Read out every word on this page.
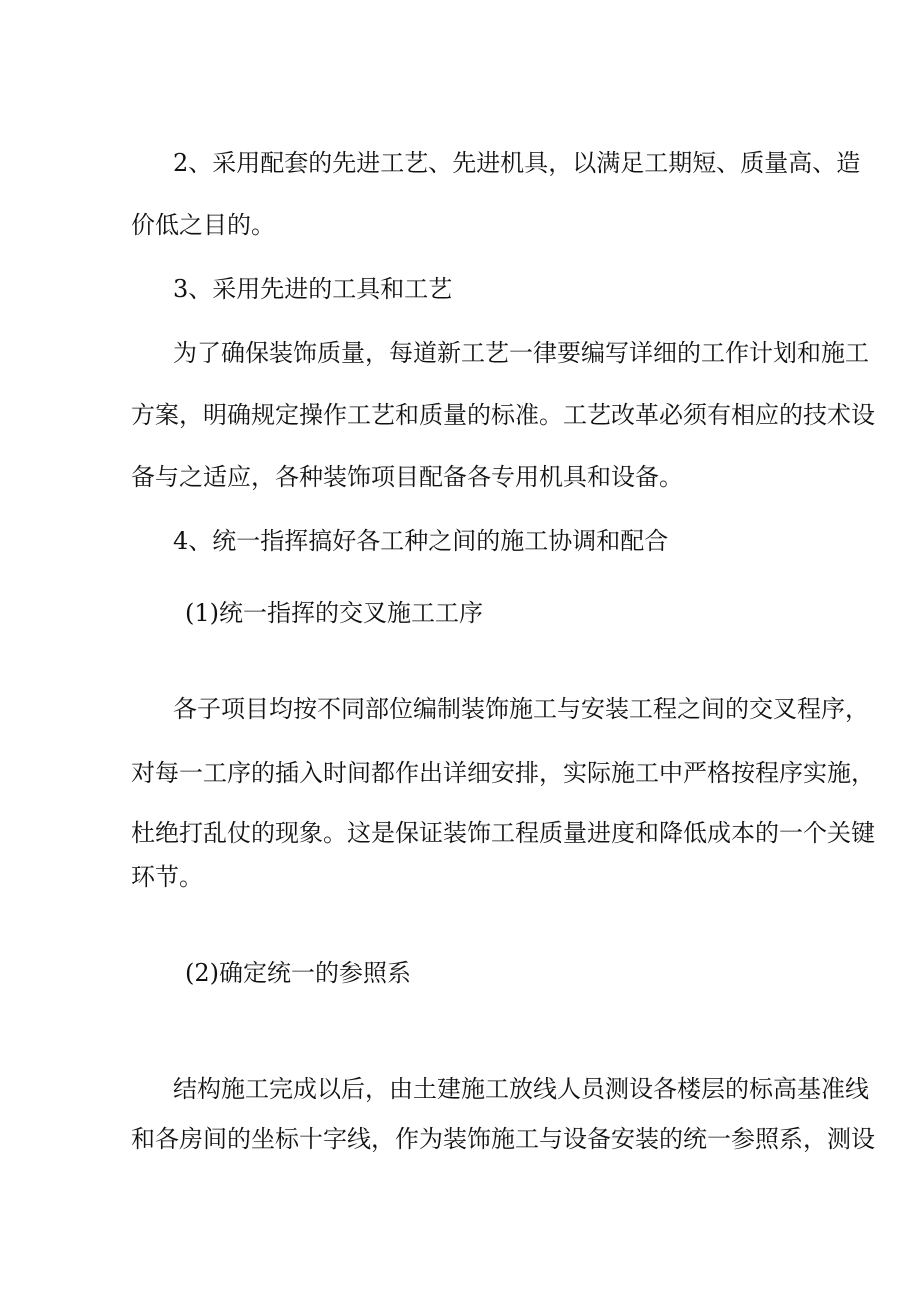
2、采用配套的先进工艺、先进机具，以满足工期短、质量高、造
价低之目的。
3、采用先进的工具和工艺
为了确保装饰质量，每道新工艺一律要编写详细的工作计划和施工
方案，明确规定操作工艺和质量的标准。工艺改革必须有相应的技术设
备与之适应，各种装饰项目配备各专用机具和设备。
4、统一指挥搞好各工种之间的施工协调和配合
(1)统一指挥的交叉施工工序
各子项目均按不同部位编制装饰施工与安装工程之间的交叉程序，
对每一工序的插入时间都作出详细安排，实际施工中严格按程序实施，
杜绝打乱仗的现象。这是保证装饰工程质量进度和降低成本的一个关键
环节。
(2)确定统一的参照系
结构施工完成以后，由土建施工放线人员测设各楼层的标高基准线
和各房间的坐标十字线，作为装饰施工与设备安装的统一参照系，测设
